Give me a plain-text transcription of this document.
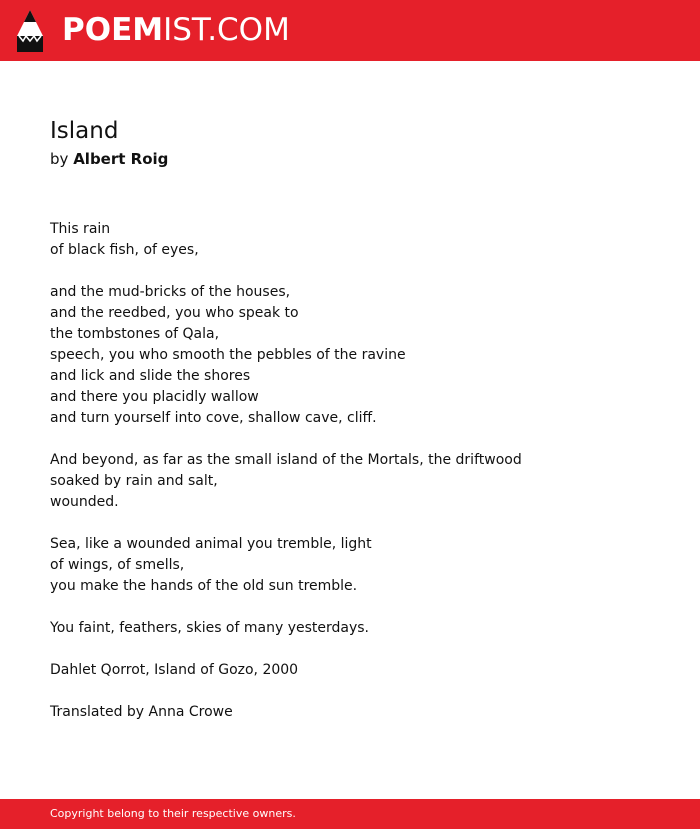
POEMIST.COM
Island
by Albert Roig
This rain
of black fish, of eyes,
and the mud-bricks of the houses,
and the reedbed, you who speak to
the tombstones of Qala,
speech, you who smooth the pebbles of the ravine
and lick and slide the shores
and there you placidly wallow
and turn yourself into cove, shallow cave, cliff.
And beyond, as far as the small island of the Mortals, the driftwood
soaked by rain and salt,
wounded.
Sea, like a wounded animal you tremble, light
of wings, of smells,
you make the hands of the old sun tremble.
You faint, feathers, skies of many yesterdays.
Dahlet Qorrot, Island of Gozo, 2000
Translated by Anna Crowe
Copyright belong to their respective owners.
